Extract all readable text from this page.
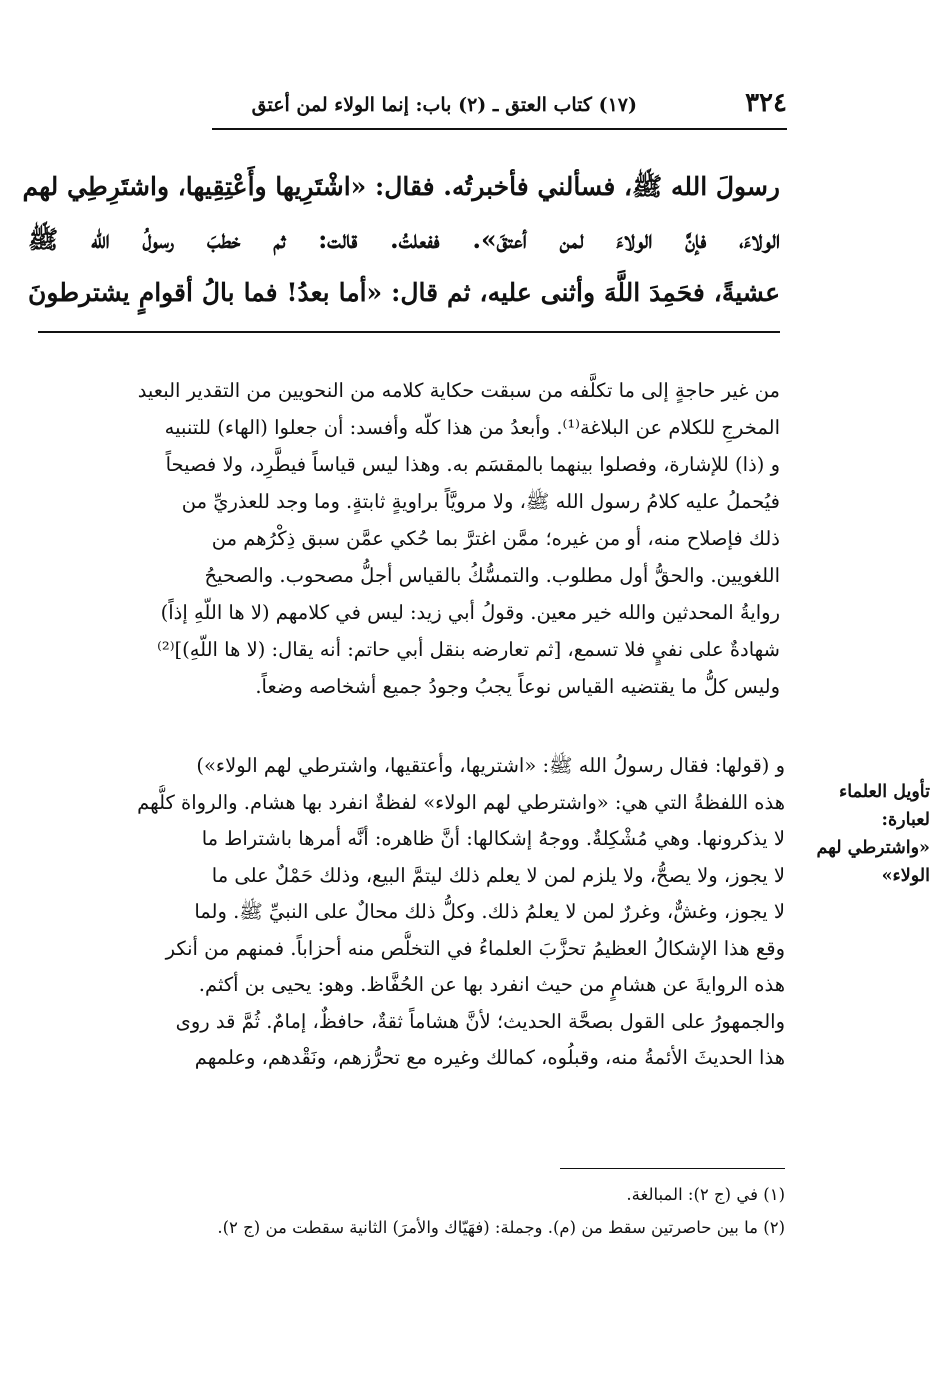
٣٢٤
(١٧) كتاب العتق ـ (٢) باب: إنما الولاء لمن أعتق
رسولَ الله ﷺ، فسألني فأخبرتُه. فقال: «اشْتَرِيها وأَعْتِقِيها، واشتَرِطِي لهم
الولاءَ، فإنَّ الولاءَ لمن أعتقَ». ففعلتُ. قالت: ثم خطبَ رسولُ الله ﷺ
عشيةً، فحَمِدَ اللَّهَ وأثنى عليه، ثم قال: «أما بعدُ! فما بالُ أقوامٍ يشترطونَ
من غير حاجةٍ إلى ما تكلَّفه من سبقت حكاية كلامه من النحويين من التقدير البعيد
المخرجِ للكلام عن البلاغة⁽¹⁾. وأبعدُ من هذا كلّه وأفسد: أن جعلوا (الهاء) للتنبيه
و (ذا) للإشارة، وفصلوا بينهما بالمقسَم به. وهذا ليس قياساً فيطَّرِد، ولا فصيحاً
فيُحملُ عليه كلامُ رسول الله ﷺ، ولا مرويَّاً براويةٍ ثابتةٍ. وما وجد للعذريِّ من
ذلك فإصلاح منه، أو من غيره؛ ممَّن اغترَّ بما حُكي عمَّن سبق ذِكْرُهم من
اللغويين. والحقُّ أول مطلوب. والتمسُّكُ بالقياس أجلُّ مصحوب. والصحيحُ
روايةُ المحدثين والله خير معين. وقولُ أبي زيد: ليس في كلامهم (لا ها اللّهِ إذاً)
شهادةٌ على نفيٍ فلا تسمع، [ثم تعارضه بنقل أبي حاتم: أنه يقال: (لا ها اللّهِ)]⁽²⁾
وليس كلُّ ما يقتضيه القياس نوعاً يجبُ وجودُ جميع أشخاصه وضعاً.
تأويل العلماء
لعبارة:
«واشترطي لهم
الولاء»
و (قولها: فقال رسولُ الله ﷺ: «اشتريها، وأعتقيها، واشترطي لهم الولاء»)
هذه اللفظةُ التي هي: «واشترطي لهم الولاء» لفظةٌ انفرد بها هشام. والرواة كلُّهم
لا يذكرونها. وهي مُشْكِلةٌ. ووجهُ إشكالها: أنَّ ظاهره: أنَّه أمرها باشتراط ما
لا يجوز، ولا يصحُّ، ولا يلزم لمن لا يعلم ذلك ليتمَّ البيع، وذلك حَمْلٌ على ما
لا يجوز، وغشٌّ، وغررٌ لمن لا يعلمُ ذلك. وكلُّ ذلك محالٌ على النبيِّ ﷺ. ولما
وقع هذا الإشكالُ العظيمُ تحزَّبَ العلماءُ في التخلُّص منه أحزاباً. فمنهم من أنكر
هذه الروايةَ عن هشامٍ من حيث انفرد بها عن الحُفَّاظ. وهو: يحيى بن أكثم.
والجمهورُ على القول بصحَّة الحديث؛ لأنَّ هشاماً ثقةٌ، حافظٌ، إمامٌ. ثُمَّ قد روى
هذا الحديثَ الأئمةُ منه، وقبلُوه، كمالك وغيره مع تحرُّزهم، ونَقْدهم، وعلمهم
(١) في (ج ٢): المبالغة.
(٢) ما بين حاصرتين سقط من (م). وجملة: (فهَيّاك والأمرَ) الثانية سقطت من (ج ٢).
